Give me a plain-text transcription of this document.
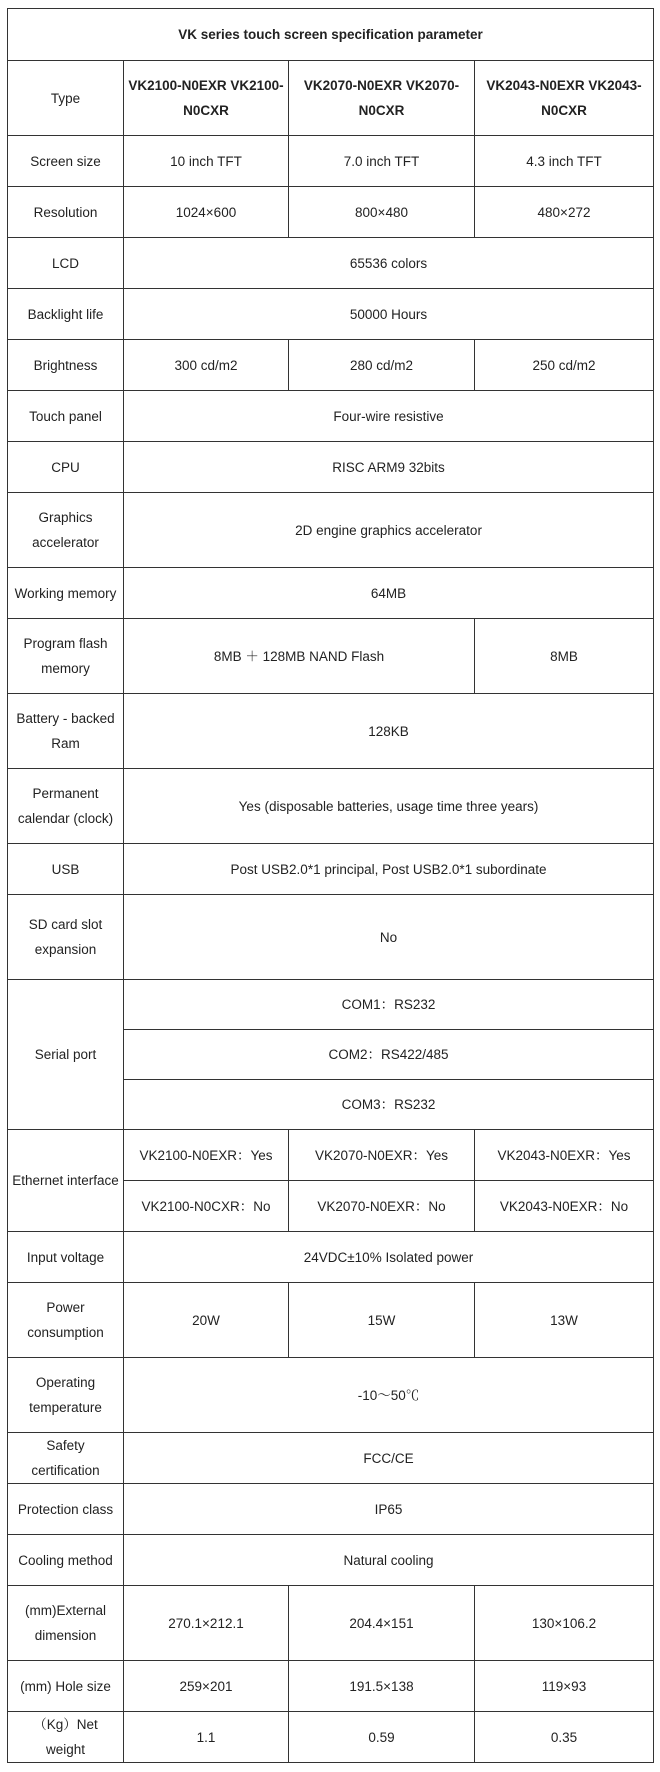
VK series touch screen specification parameter			
Type	VK2100-N0EXR VK2100-N0CXR	VK2070-N0EXR VK2070-N0CXR	VK2043-N0EXR VK2043-N0CXR
Screen size	10 inch TFT	7.0 inch TFT	4.3 inch TFT
Resolution	1024×600	800×480	480×272
LCD	65536 colors		
Backlight life	50000 Hours		
Brightness	300 cd/m2	280 cd/m2	250 cd/m2
Touch panel	Four-wire resistive		
CPU	RISC ARM9 32bits		
Graphics accelerator	2D engine graphics accelerator		
Working memory	64MB		
Program flash memory	8MB ＋ 128MB NAND Flash		8MB
Battery - backed Ram	128KB		
Permanent calendar (clock)	Yes (disposable batteries, usage time three years)		
USB	Post USB2.0*1 principal, Post USB2.0*1 subordinate		
SD card slot expansion	No		
Serial port	COM1：RS232		
	COM2：RS422/485		
	COM3：RS232		
Ethernet interface	VK2100-N0EXR：Yes	VK2070-N0EXR：Yes	VK2043-N0EXR：Yes
	VK2100-N0CXR：No	VK2070-N0EXR：No	VK2043-N0EXR：No
Input voltage	24VDC±10% Isolated power		
Power consumption	20W	15W	13W
Operating temperature	-10～50℃		
Safety certification	FCC/CE		
Protection class	IP65		
Cooling method	Natural cooling		
(mm)External dimension	270.1×212.1	204.4×151	130×106.2
(mm) Hole size	259×201	191.5×138	119×93
（Kg）Net weight	1.1	0.59	0.35
